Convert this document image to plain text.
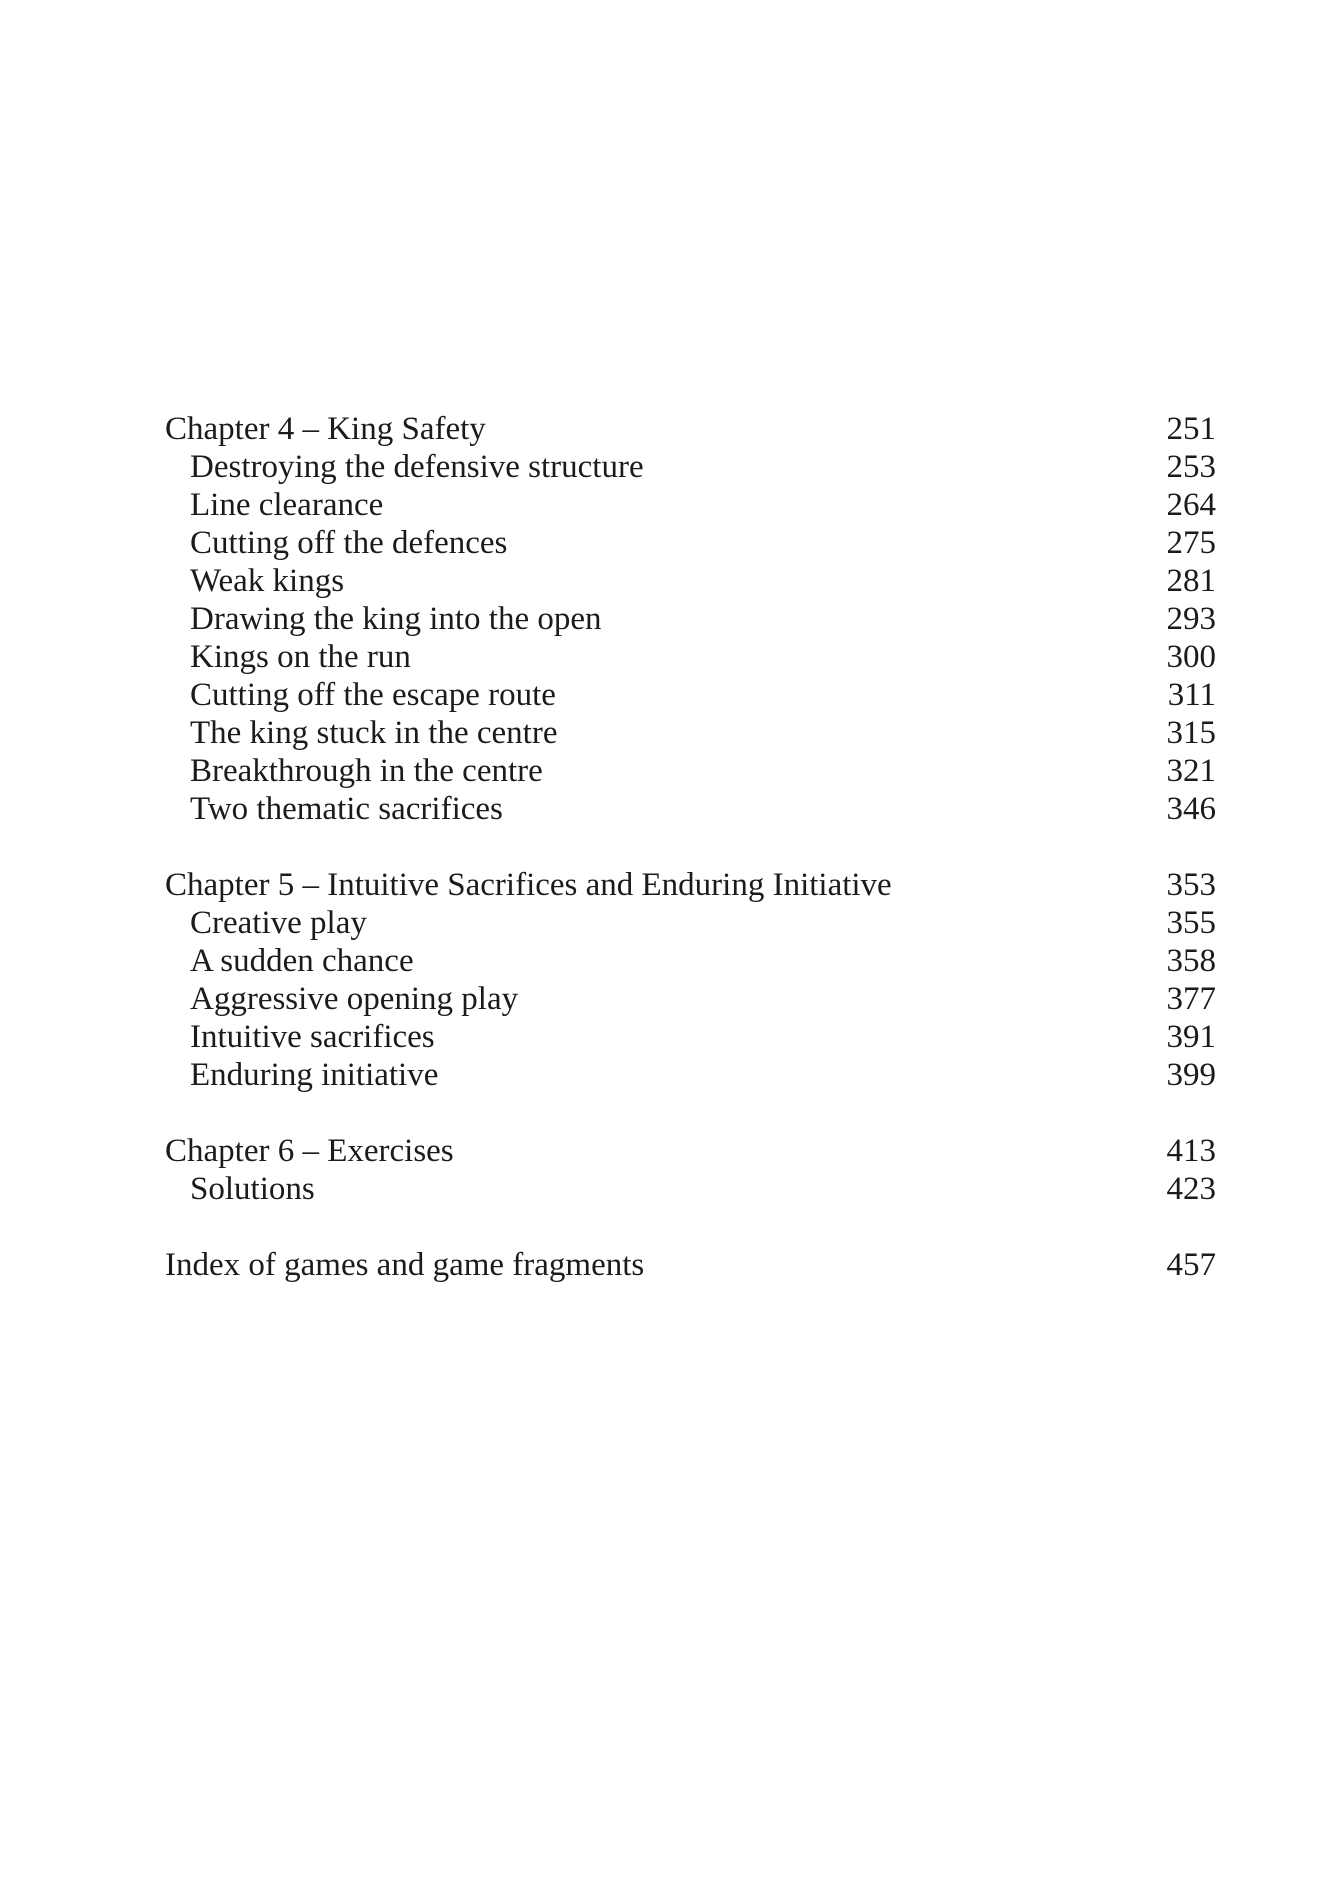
Chapter 4 – King Safety	251
Destroying the defensive structure	253
Line clearance	264
Cutting off the defences	275
Weak kings	281
Drawing the king into the open	293
Kings on the run	300
Cutting off the escape route	311
The king stuck in the centre	315
Breakthrough in the centre	321
Two thematic sacrifices	346
Chapter 5 – Intuitive Sacrifices and Enduring Initiative	353
Creative play	355
A sudden chance	358
Aggressive opening play	377
Intuitive sacrifices	391
Enduring initiative	399
Chapter 6 – Exercises	413
Solutions	423
Index of games and game fragments	457
